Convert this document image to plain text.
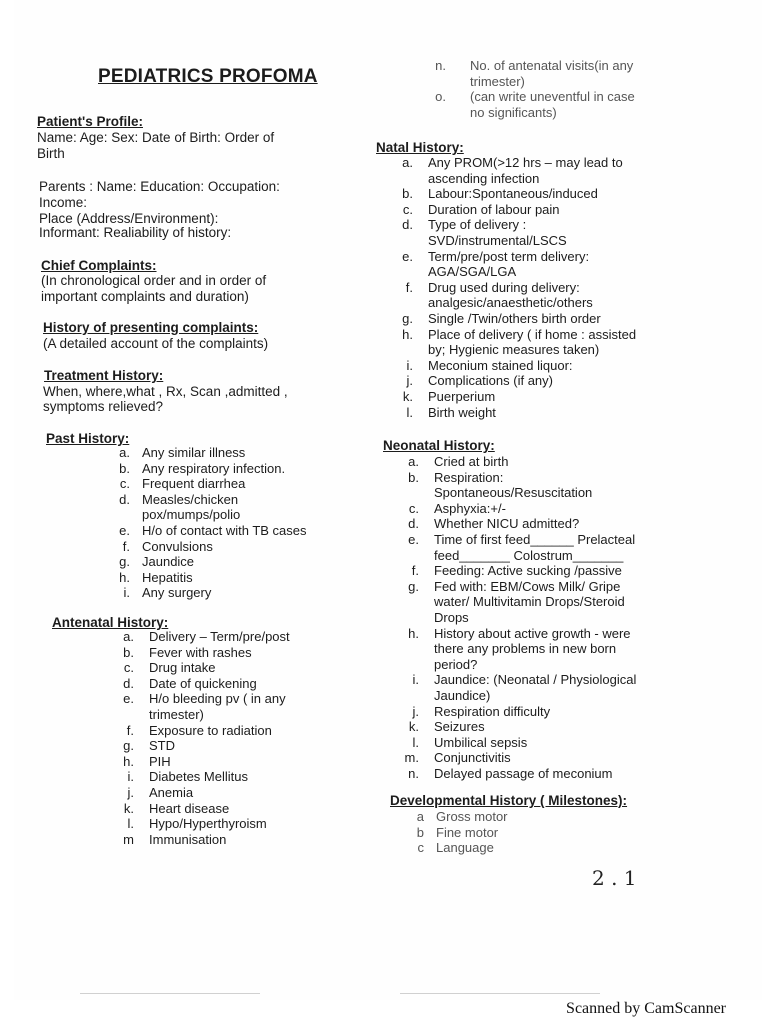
PEDIATRICS PROFOMA
Patient's Profile:
Name: Age: Sex: Date of Birth: Order of
Birth
Parents : Name: Education: Occupation:
Income:
Place (Address/Environment):
Informant: Realiability of history:
Chief Complaints:
(In chronological order and in order of
important complaints and duration)
History of presenting complaints:
(A detailed account of the complaints)
Treatment History:
When, where,what , Rx, Scan ,admitted ,
symptoms relieved?
Past History:
a. Any similar illness
b. Any respiratory infection.
c. Frequent diarrhea
d. Measles/chicken
pox/mumps/polio
e. H/o of contact with TB cases
f. Convulsions
g. Jaundice
h. Hepatitis
i. Any surgery
Antenatal History:
a. Delivery – Term/pre/post
b. Fever with rashes
c. Drug intake
d. Date of quickening
e. H/o bleeding pv ( in any
trimester)
f. Exposure to radiation
g. STD
h. PIH
i. Diabetes Mellitus
j. Anemia
k. Heart disease
l. Hypo/Hyperthyroism
m Immunisation
n. No. of antenatal visits(in any
trimester)
o. (can write uneventful in case
no significants)
Natal History:
a. Any PROM(>12 hrs – may lead to
ascending infection
b. Labour:Spontaneous/induced
c. Duration of labour pain
d. Type of delivery :
SVD/instrumental/LSCS
e. Term/pre/post term delivery:
AGA/SGA/LGA
f. Drug used during delivery:
analgesic/anaesthetic/others
g. Single /Twin/others birth order
h. Place of delivery ( if home : assisted
by; Hygienic measures taken)
i. Meconium stained liquor:
j. Complications (if any)
k. Puerperium
l. Birth weight
Neonatal History:
a. Cried at birth
b. Respiration:
Spontaneous/Resuscitation
c. Asphyxia:+/-
d. Whether NICU admitted?
e. Time of first feed______ Prelacteal
feed_______ Colostrum_______
f. Feeding: Active sucking /passive
g. Fed with: EBM/Cows Milk/ Gripe
water/ Multivitamin Drops/Steroid
Drops
h. History about active growth - were
there any problems in new born
period?
i. Jaundice: (Neonatal / Physiological
Jaundice)
j. Respiration difficulty
k. Seizures
l. Umbilical sepsis
m. Conjunctivitis
n. Delayed passage of meconium
Developmental History ( Milestones):
a Gross motor
b Fine motor
c Language
2 . 1
Scanned by CamScanner
